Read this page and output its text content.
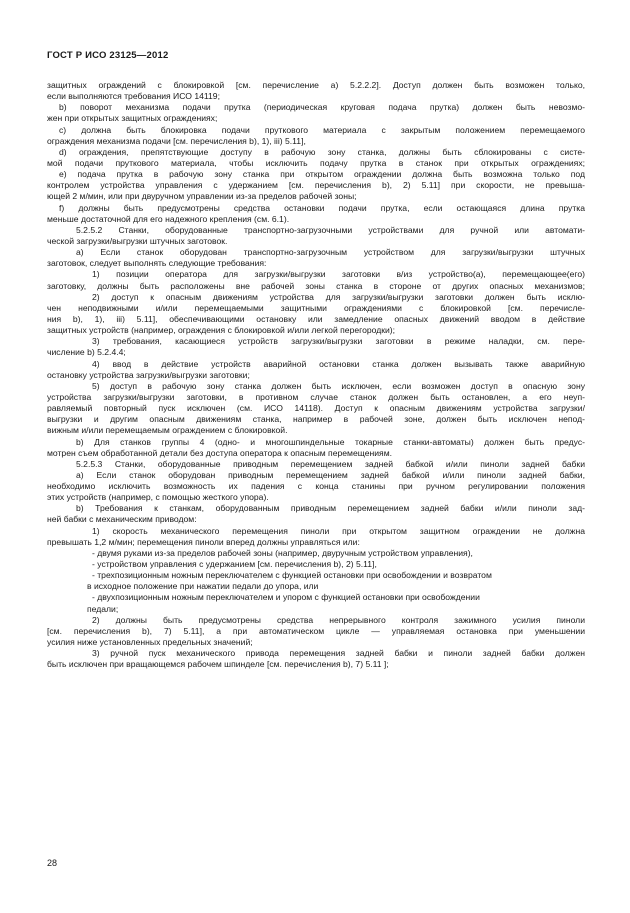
ГОСТ Р ИСО 23125—2012
защитных ограждений с блокировкой [см. перечисление а) 5.2.2.2]. Доступ должен быть возможен только,
если выполняются требования ИСО 14119;
b) поворот механизма подачи прутка (периодическая круговая подача прутка) должен быть невозмо-
жен при открытых защитных ограждениях;
с) должна быть блокировка подачи пруткового материала с закрытым положением перемещаемого
ограждения механизма подачи [см. перечисления b), 1), iii) 5.11],
d) ограждения, препятствующие доступу в рабочую зону станка, должны быть сблокированы с систе-
мой подачи пруткового материала, чтобы исключить подачу прутка в станок при открытых ограждениях;
е) подача прутка в рабочую зону станка при открытом ограждении должна быть возможна только под
контролем устройства управления с удержанием [см. перечисления b), 2) 5.11] при скорости, не превыша-
ющей 2 м/мин, или при двуручном управлении из-за пределов рабочей зоны;
f) должны быть предусмотрены средства остановки подачи прутка, если остающаяся длина прутка
меньше достаточной для его надежного крепления (см. 6.1).
5.2.5.2 Станки, оборудованные транспортно-загрузочными устройствами для ручной или автомати-
ческой загрузки/выгрузки штучных заготовок.
а) Если станок оборудован транспортно-загрузочным устройством для загрузки/выгрузки штучных
заготовок, следует выполнять следующие требования:
1) позиции оператора для загрузки/выгрузки заготовки в/из устройство(а), перемещающее(его)
заготовку, должны быть расположены вне рабочей зоны станка в стороне от других опасных механизмов;
2) доступ к опасным движениям устройства для загрузки/выгрузки заготовки должен быть исклю-
чен неподвижными и/или перемещаемыми защитными ограждениями с блокировкой [см. перечисле-
ния b), 1), iii) 5.11], обеспечивающими остановку или замедление опасных движений вводом в действие
защитных устройств (например, ограждения с блокировкой и/или легкой перегородки);
3) требования, касающиеся устройств загрузки/выгрузки заготовки в режиме наладки, см. пере-
числение b) 5.2.4.4;
4) ввод в действие устройств аварийной остановки станка должен вызывать также аварийную
остановку устройства загрузки/выгрузки заготовки;
5) доступ в рабочую зону станка должен быть исключен, если возможен доступ в опасную зону
устройства загрузки/выгрузки заготовки, в противном случае станок должен быть остановлен, а его неуп-
равляемый повторный пуск исключен (см. ИСО 14118). Доступ к опасным движениям устройства загрузки/
выгрузки и другим опасным движениям станка, например в рабочей зоне, должен быть исключен непод-
вижным и/или перемещаемым ограждением с блокировкой.
b) Для станков группы 4 (одно- и многошпиндельные токарные станки-автоматы) должен быть предус-
мотрен съем обработанной детали без доступа оператора к опасным перемещениям.
5.2.5.3 Станки, оборудованные приводным перемещением задней бабкой и/или пиноли задней бабки
а) Если станок оборудован приводным перемещением задней бабкой и/или пиноли задней бабки,
необходимо исключить возможность их падения с конца станины при ручном регулировании положения
этих устройств (например, с помощью жесткого упора).
b) Требования к станкам, оборудованным приводным перемещением задней бабки и/или пиноли зад-
ней бабки с механическим приводом:
1) скорость механического перемещения пиноли при открытом защитном ограждении не должна
превышать 1,2 м/мин; перемещения пиноли вперед должны управляться или:
- двумя руками из-за пределов рабочей зоны (например, двуручным устройством управления),
- устройством управления с удержанием [см. перечисления b), 2) 5.11],
- трехпозиционным ножным переключателем с функцией остановки при освобождении и возвратом
в исходное положение при нажатии педали до упора, или
- двухпозиционным ножным переключателем и упором с функцией остановки при освобождении
педали;
2) должны быть предусмотрены средства непрерывного контроля зажимного усилия пиноли
[см. перечисления b), 7) 5.11], а при автоматическом цикле — управляемая остановка при уменьшении
усилия ниже установленных предельных значений;
3) ручной пуск механического привода перемещения задней бабки и пиноли задней бабки должен
быть исключен при вращающемся рабочем шпинделе [см. перечисления b), 7) 5.11 ];
28
